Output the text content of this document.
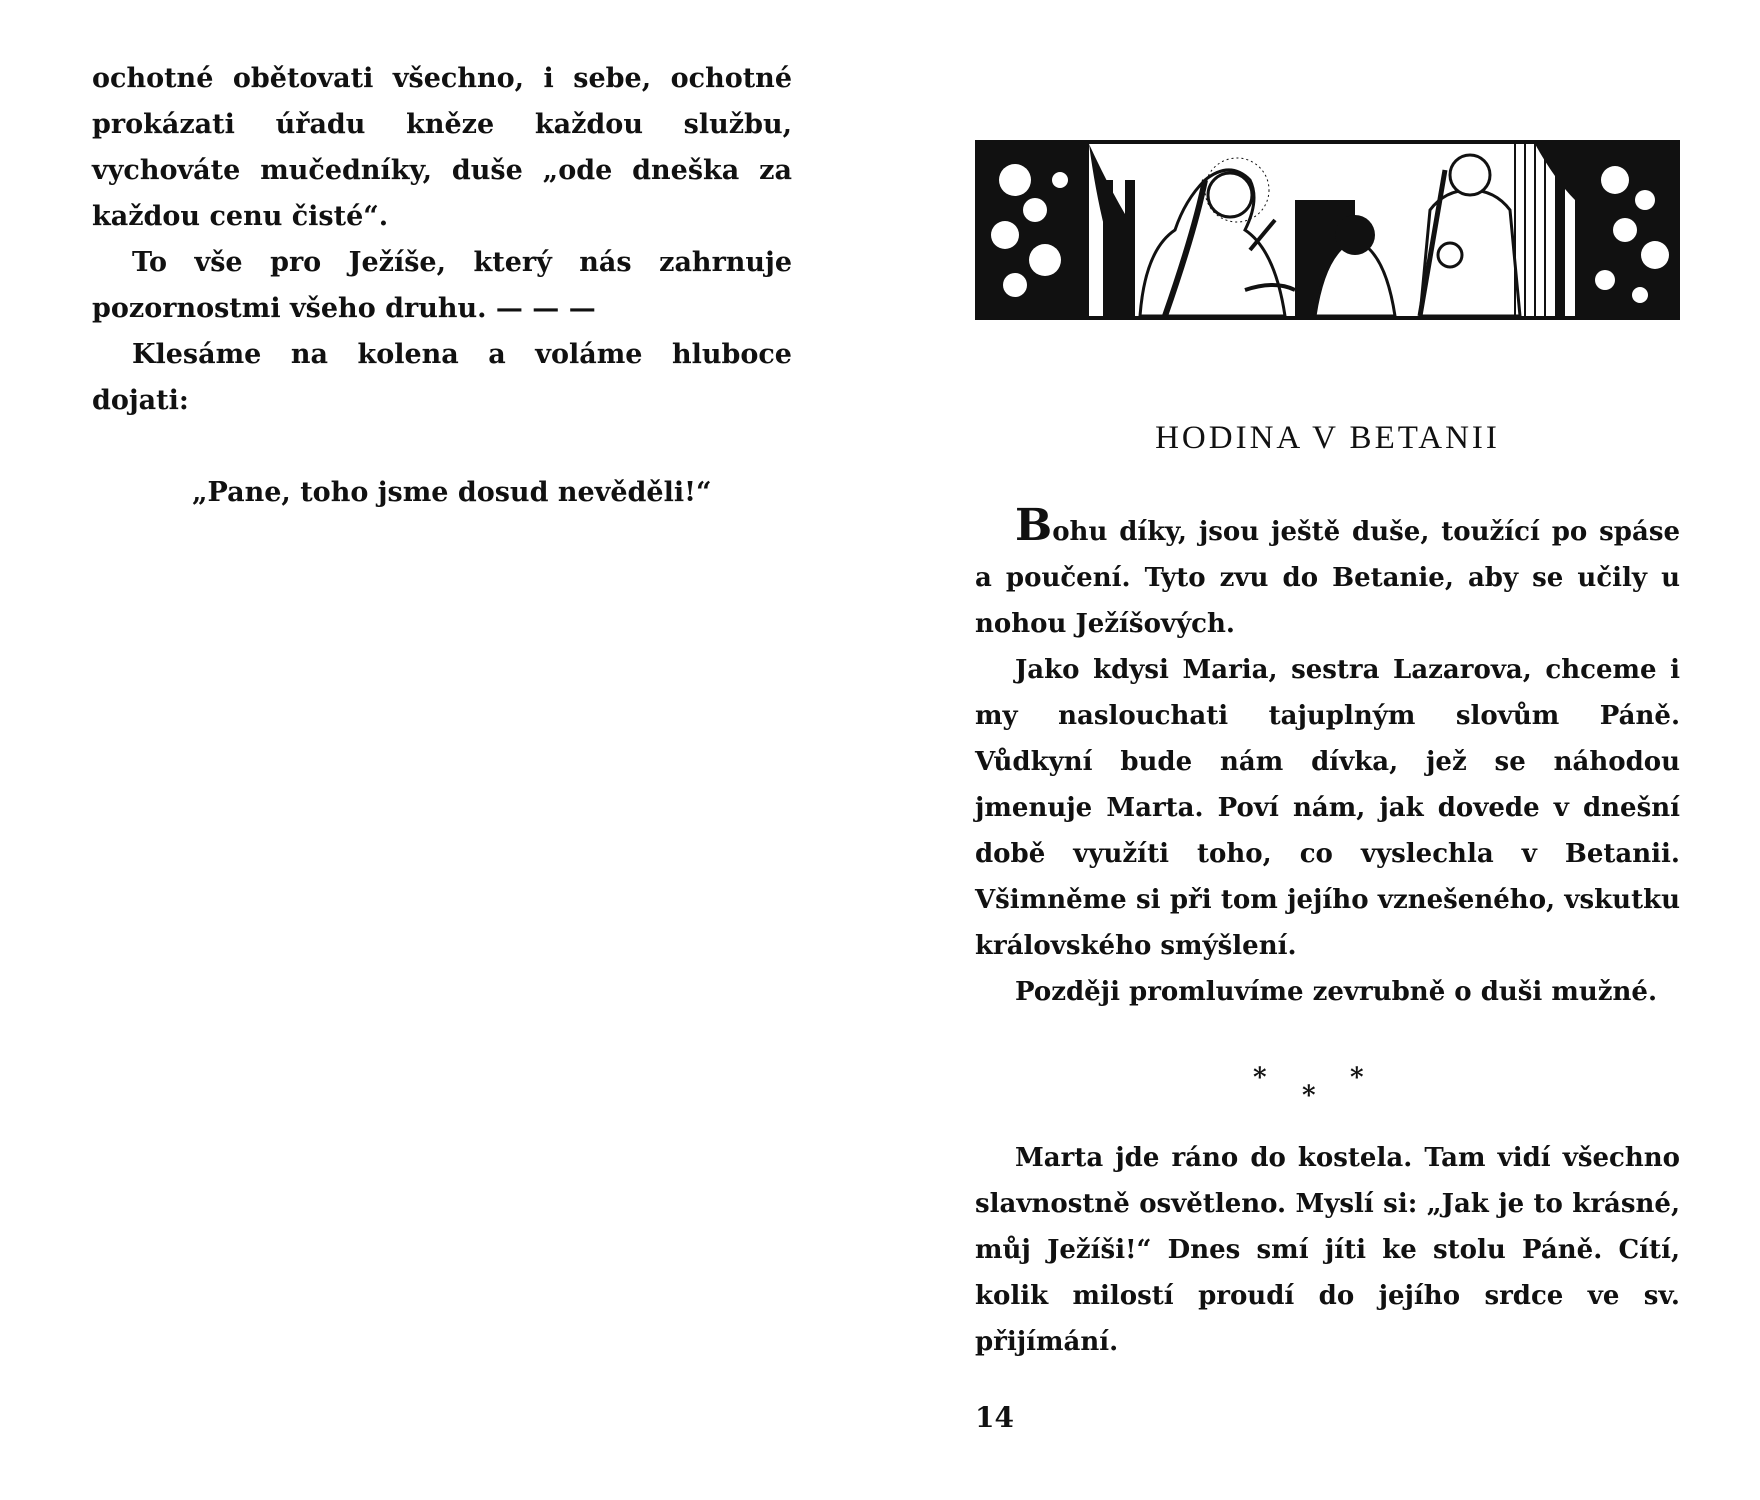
ochotné obětovati všechno, i sebe, ochotné prokázati úřadu kněze každou službu, vychováte mučedníky, duše „ode dneška za každou cenu čisté“.

To vše pro Ježíše, který nás zahrnuje pozornostmi všeho druhu. — — —

Klesáme na kolena a voláme hluboce dojati:

„Pane, toho jsme dosud nevěděli!“

HODINA V BETANII

Bohu díky, jsou ještě duše, toužící po spáse a poučení. Tyto zvu do Betanie, aby se učily u nohou Ježíšových.

Jako kdysi Maria, sestra Lazarova, chceme i my naslouchati tajuplným slovům Páně. Vůdkyní bude nám dívka, jež se náhodou jmenuje Marta. Poví nám, jak dovede v dnešní době využíti toho, co vyslechla v Betanii. Všimněme si při tom jejího vznešeného, vskutku královského smýšlení.

Později promluvíme zevrubně o duši mužné.

*
*
*

Marta jde ráno do kostela. Tam vidí všechno slavnostně osvětleno. Myslí si: „Jak je to krásné, můj Ježíši!“ Dnes smí jíti ke stolu Páně. Cítí, kolik milostí proudí do jejího srdce ve sv. přijímání.

14
